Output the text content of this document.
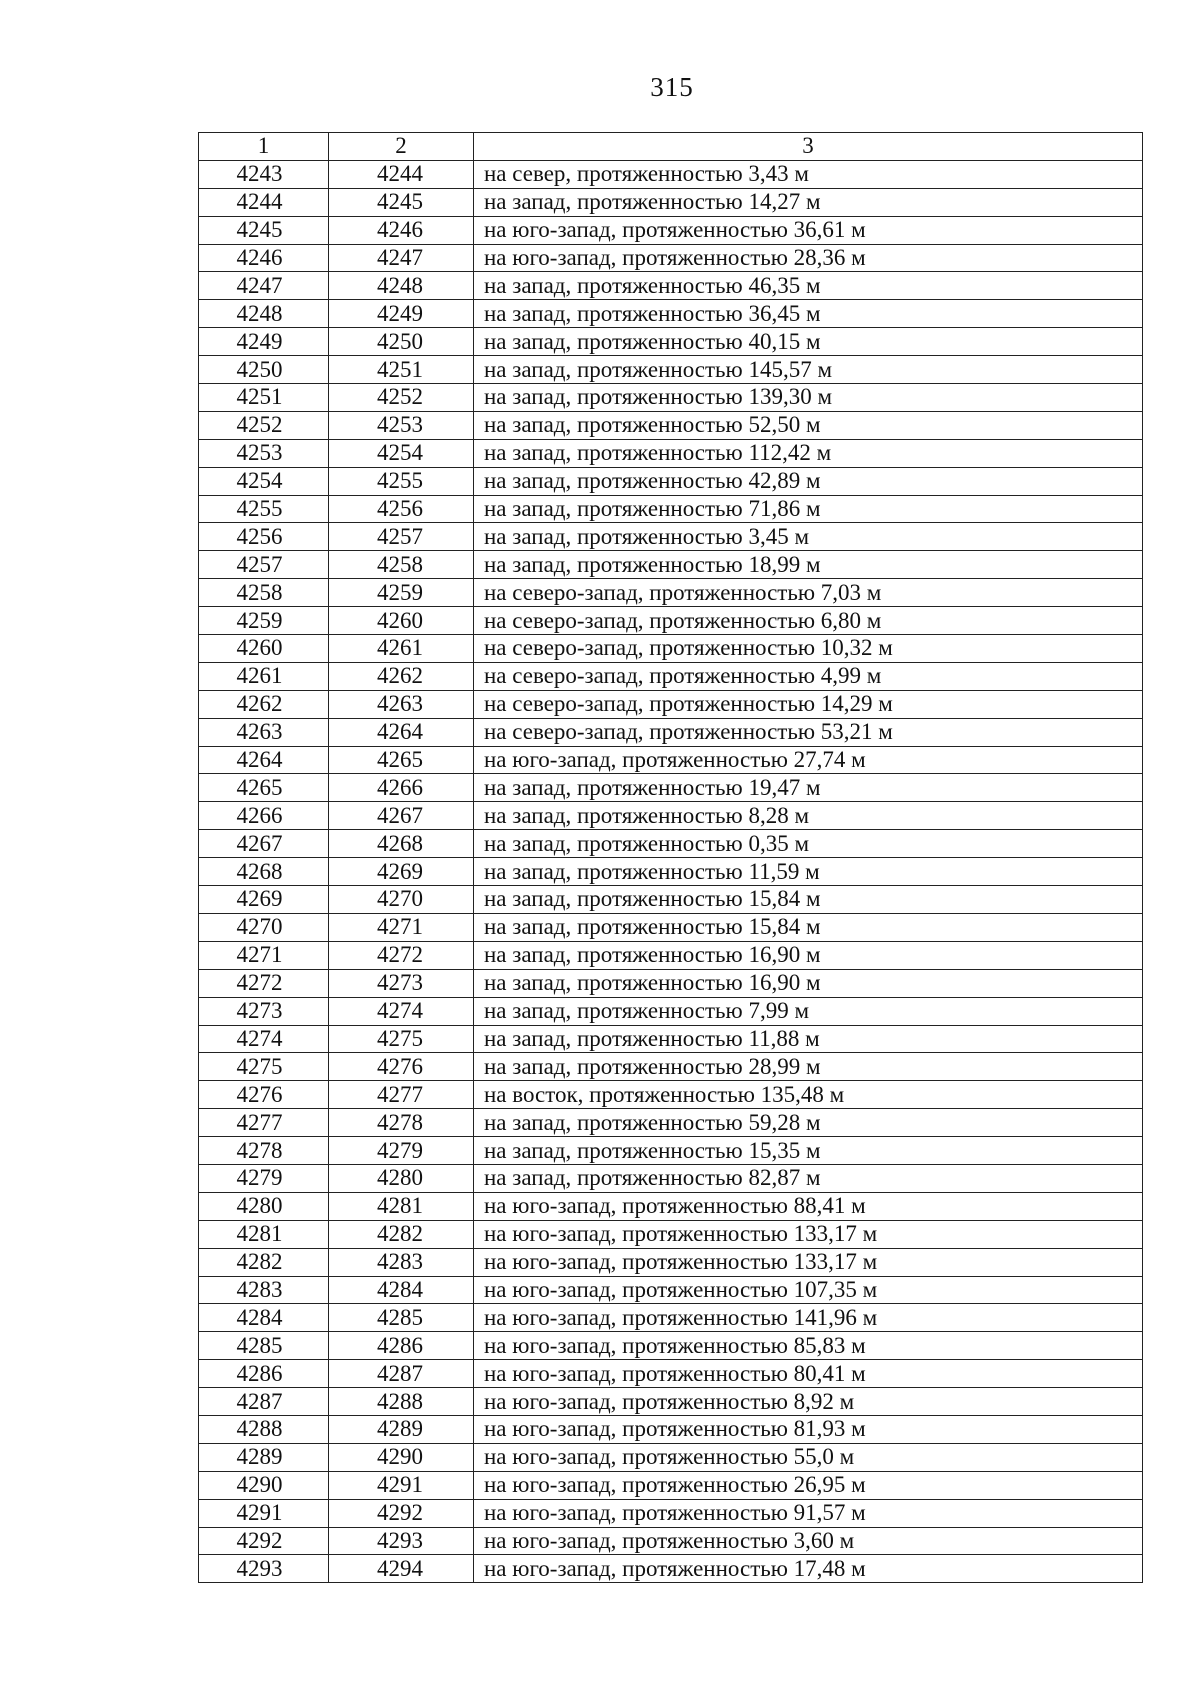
315
1	2	3
4243	4244	на север, протяженностью 3,43 м
4244	4245	на запад, протяженностью 14,27 м
4245	4246	на юго-запад, протяженностью 36,61 м
4246	4247	на юго-запад, протяженностью 28,36 м
4247	4248	на запад, протяженностью 46,35 м
4248	4249	на запад, протяженностью 36,45 м
4249	4250	на запад, протяженностью 40,15 м
4250	4251	на запад, протяженностью 145,57 м
4251	4252	на запад, протяженностью 139,30 м
4252	4253	на запад, протяженностью 52,50 м
4253	4254	на запад, протяженностью 112,42 м
4254	4255	на запад, протяженностью 42,89 м
4255	4256	на запад, протяженностью 71,86 м
4256	4257	на запад, протяженностью 3,45 м
4257	4258	на запад, протяженностью 18,99 м
4258	4259	на северо-запад, протяженностью 7,03 м
4259	4260	на северо-запад, протяженностью 6,80 м
4260	4261	на северо-запад, протяженностью 10,32 м
4261	4262	на северо-запад, протяженностью 4,99 м
4262	4263	на северо-запад, протяженностью 14,29 м
4263	4264	на северо-запад, протяженностью 53,21 м
4264	4265	на юго-запад, протяженностью 27,74 м
4265	4266	на запад, протяженностью 19,47 м
4266	4267	на запад, протяженностью 8,28 м
4267	4268	на запад, протяженностью 0,35 м
4268	4269	на запад, протяженностью 11,59 м
4269	4270	на запад, протяженностью 15,84 м
4270	4271	на запад, протяженностью 15,84 м
4271	4272	на запад, протяженностью 16,90 м
4272	4273	на запад, протяженностью 16,90 м
4273	4274	на запад, протяженностью 7,99 м
4274	4275	на запад, протяженностью 11,88 м
4275	4276	на запад, протяженностью 28,99 м
4276	4277	на восток, протяженностью 135,48 м
4277	4278	на запад, протяженностью 59,28 м
4278	4279	на запад, протяженностью 15,35 м
4279	4280	на запад, протяженностью 82,87 м
4280	4281	на юго-запад, протяженностью 88,41 м
4281	4282	на юго-запад, протяженностью 133,17 м
4282	4283	на юго-запад, протяженностью 133,17 м
4283	4284	на юго-запад, протяженностью 107,35 м
4284	4285	на юго-запад, протяженностью 141,96 м
4285	4286	на юго-запад, протяженностью 85,83 м
4286	4287	на юго-запад, протяженностью 80,41 м
4287	4288	на юго-запад, протяженностью 8,92 м
4288	4289	на юго-запад, протяженностью 81,93 м
4289	4290	на юго-запад, протяженностью 55,0 м
4290	4291	на юго-запад, протяженностью 26,95 м
4291	4292	на юго-запад, протяженностью 91,57 м
4292	4293	на юго-запад, протяженностью 3,60 м
4293	4294	на юго-запад, протяженностью 17,48 м
